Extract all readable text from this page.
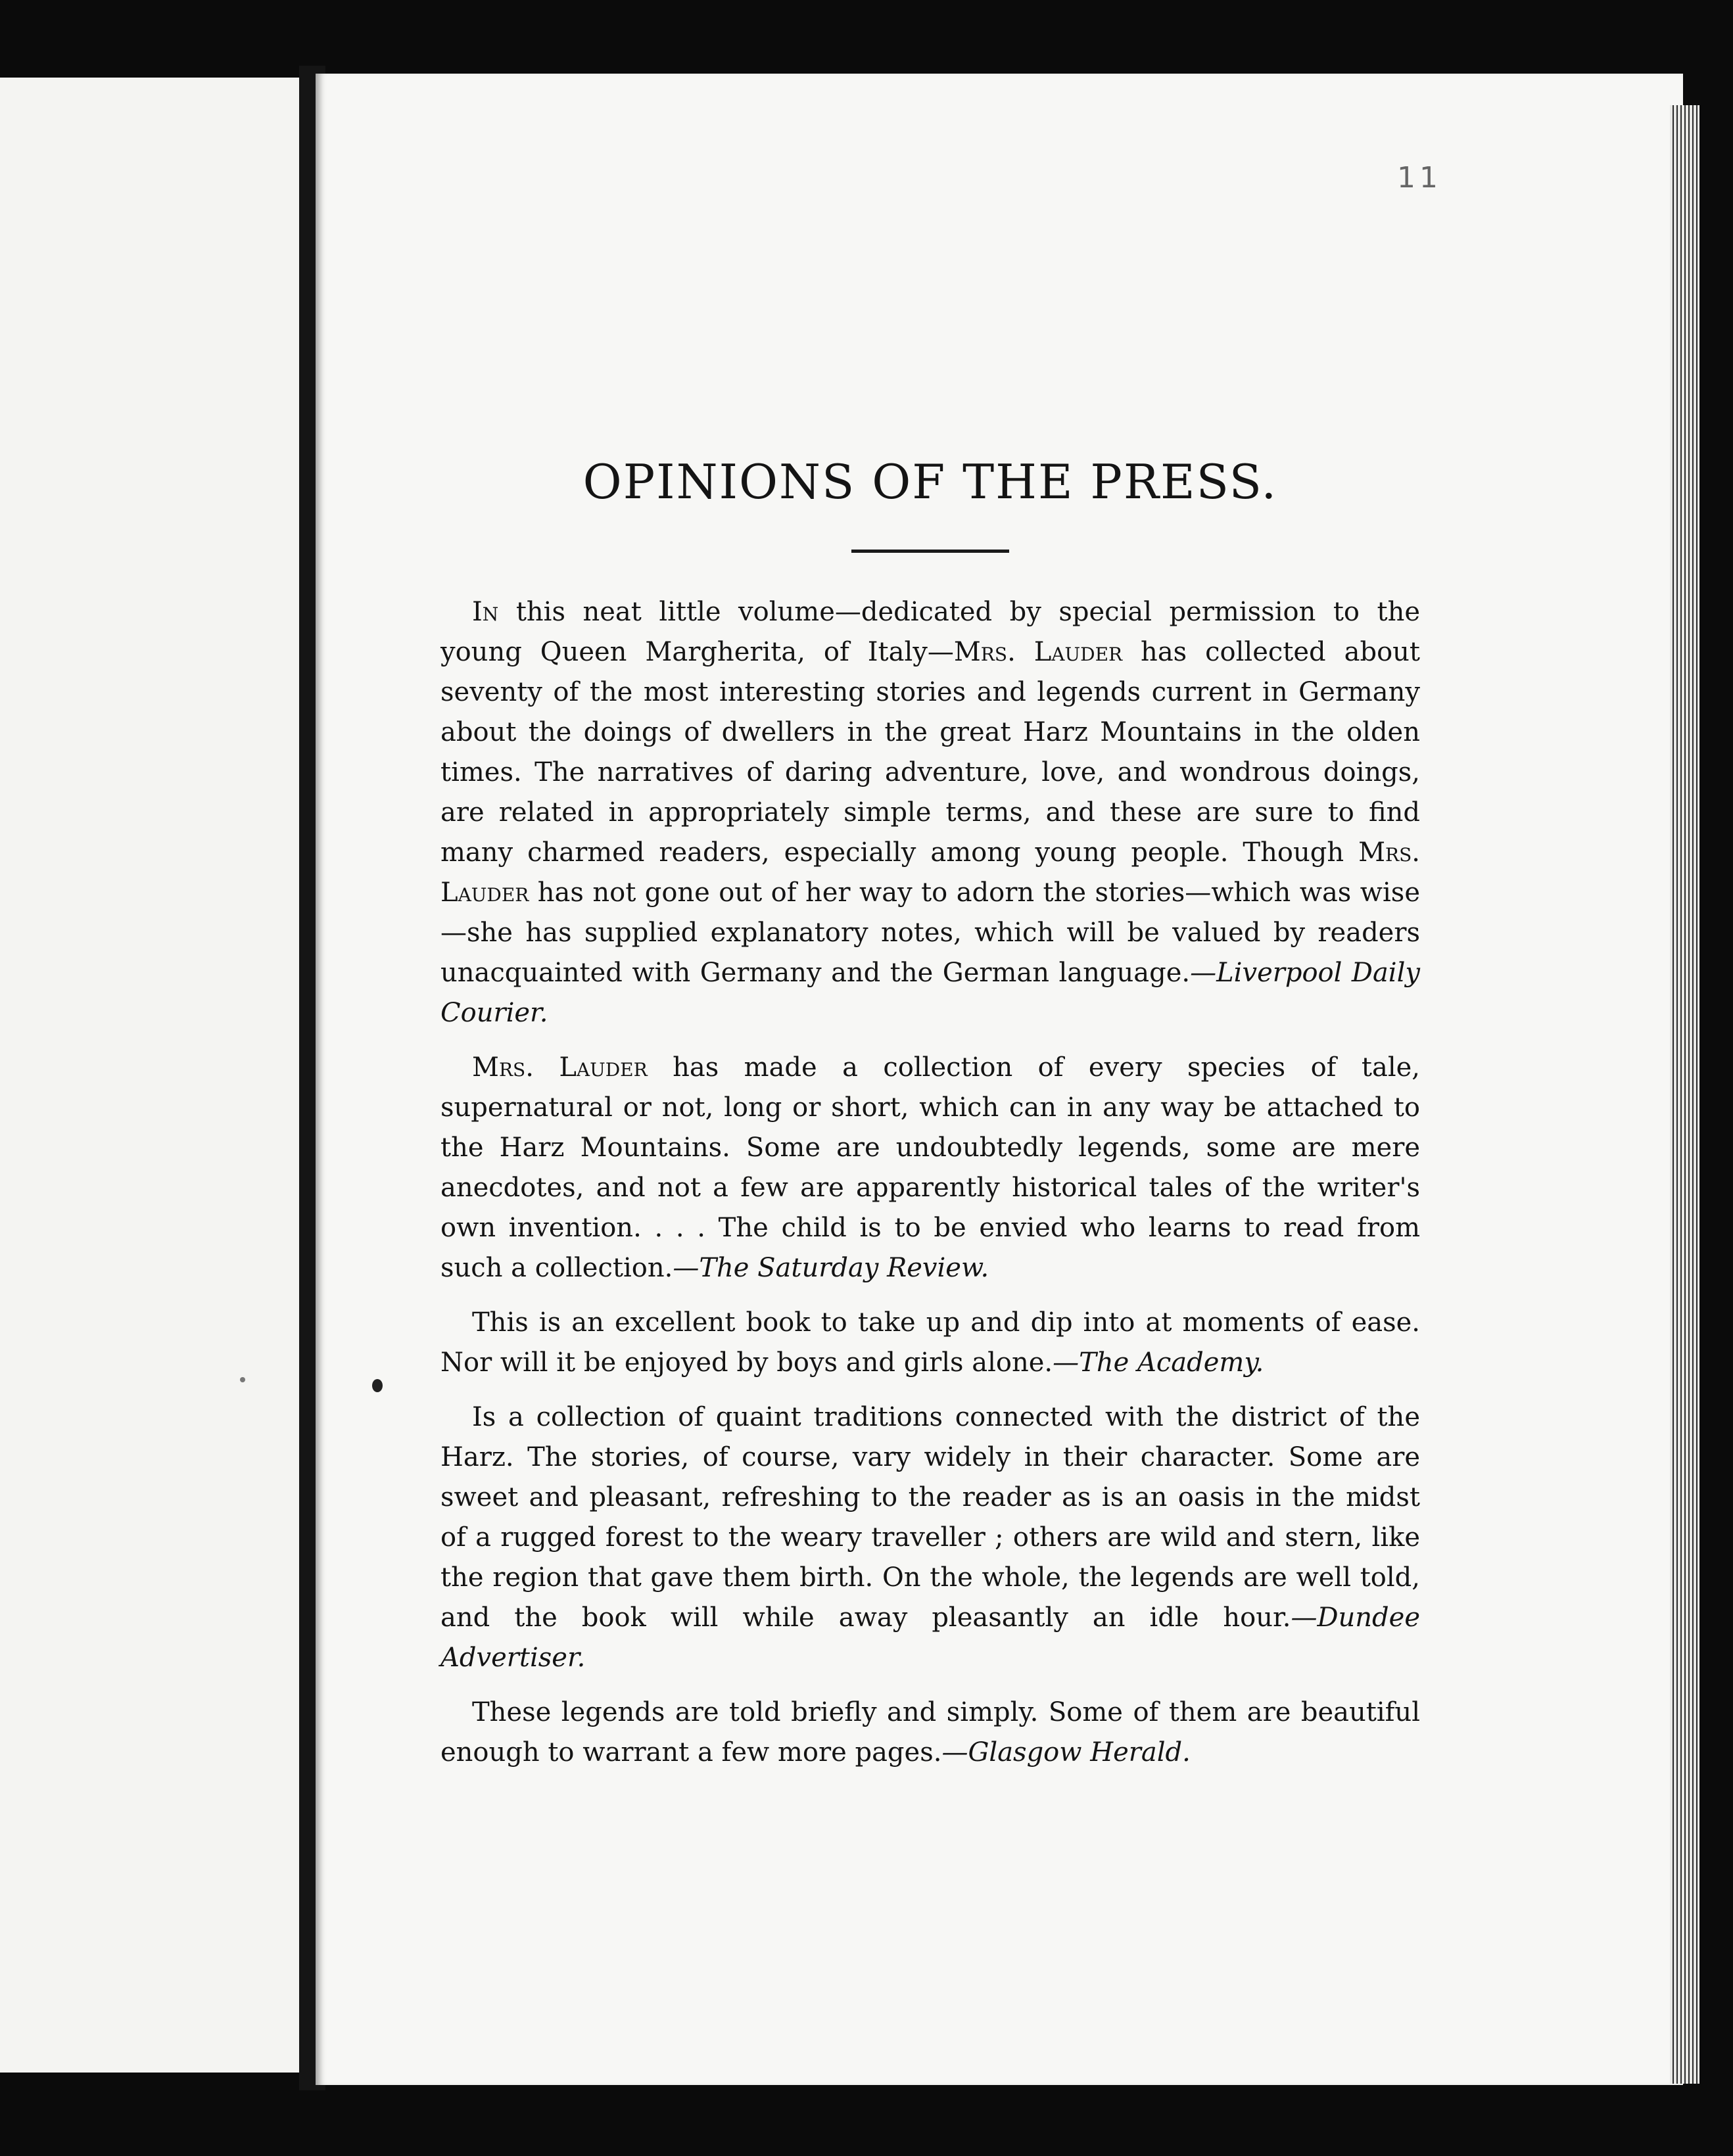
11
OPINIONS OF THE PRESS.

In this neat little volume—dedicated by special permission to the young Queen Margherita, of Italy—Mrs. Lauder has collected about seventy of the most interesting stories and legends current in Germany about the doings of dwellers in the great Harz Mountains in the olden times. The narratives of daring adventure, love, and wondrous doings, are related in appropriately simple terms, and these are sure to find many charmed readers, especially among young people. Though Mrs. Lauder has not gone out of her way to adorn the stories—which was wise—she has supplied explanatory notes, which will be valued by readers unacquainted with Germany and the German language.—Liverpool Daily Courier.

Mrs. Lauder has made a collection of every species of tale, supernatural or not, long or short, which can in any way be attached to the Harz Mountains. Some are undoubtedly legends, some are mere anecdotes, and not a few are apparently historical tales of the writer's own invention. . . . The child is to be envied who learns to read from such a collection.—The Saturday Review.

This is an excellent book to take up and dip into at moments of ease. Nor will it be enjoyed by boys and girls alone.—The Academy.

Is a collection of quaint traditions connected with the district of the Harz. The stories, of course, vary widely in their character. Some are sweet and pleasant, refreshing to the reader as is an oasis in the midst of a rugged forest to the weary traveller ; others are wild and stern, like the region that gave them birth. On the whole, the legends are well told, and the book will while away pleasantly an idle hour.—Dundee Advertiser.

These legends are told briefly and simply. Some of them are beautiful enough to warrant a few more pages.—Glasgow Herald.
